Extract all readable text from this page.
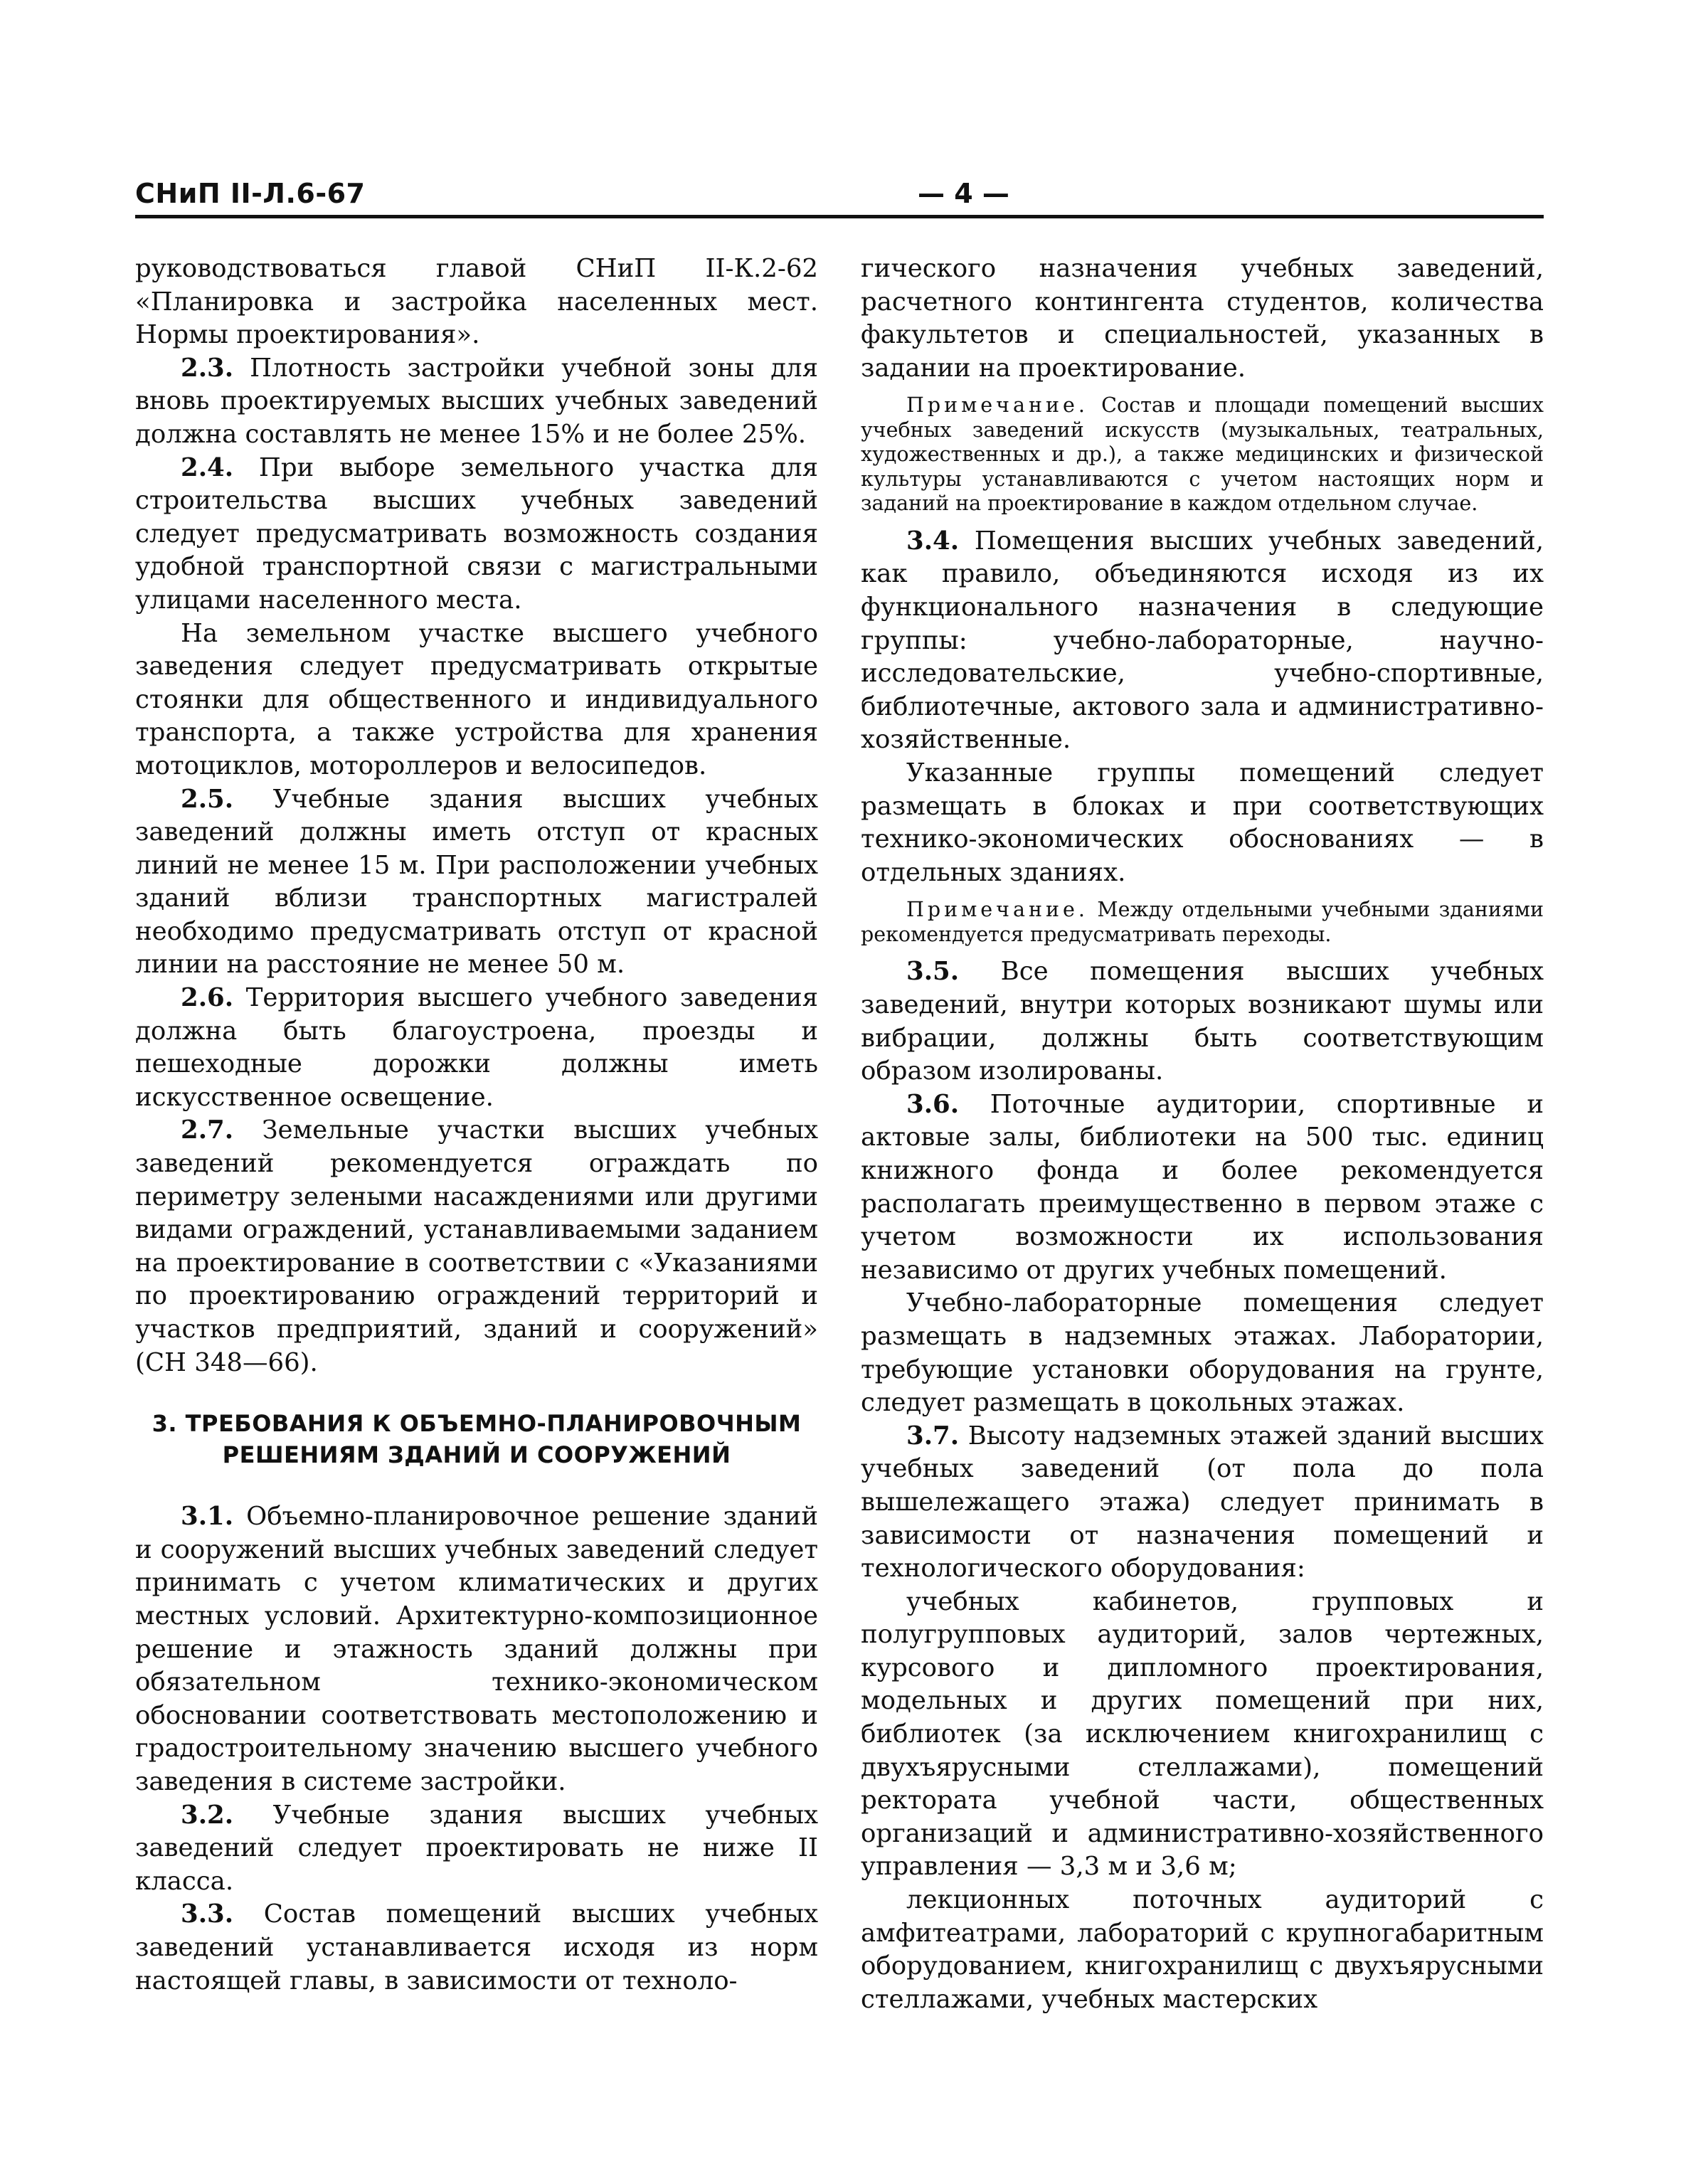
СНиП II-Л.6-67	— 4 —

руководствоваться главой СНиП II-К.2-62 «Планировка и застройка населенных мест. Нормы проектирования».

2.3. Плотность застройки учебной зоны для вновь проектируемых высших учебных заведений должна составлять не менее 15% и не более 25%.

2.4. При выборе земельного участка для строительства высших учебных заведений следует предусматривать возможность создания удобной транспортной связи с магистральными улицами населенного места.

На земельном участке высшего учебного заведения следует предусматривать открытые стоянки для общественного и индивидуального транспорта, а также устройства для хранения мотоциклов, мотороллеров и велосипедов.

2.5. Учебные здания высших учебных заведений должны иметь отступ от красных линий не менее 15 м. При расположении учебных зданий вблизи транспортных магистралей необходимо предусматривать отступ от красной линии на расстояние не менее 50 м.

2.6. Территория высшего учебного заведения должна быть благоустроена, проезды и пешеходные дорожки должны иметь искусственное освещение.

2.7. Земельные участки высших учебных заведений рекомендуется ограждать по периметру зелеными насаждениями или другими видами ограждений, устанавливаемыми заданием на проектирование в соответствии с «Указаниями по проектированию ограждений территорий и участков предприятий, зданий и сооружений» (СН 348—66).

3. ТРЕБОВАНИЯ К ОБЪЕМНО-ПЛАНИРОВОЧНЫМ
РЕШЕНИЯМ ЗДАНИЙ И СООРУЖЕНИЙ

3.1. Объемно-планировочное решение зданий и сооружений высших учебных заведений следует принимать с учетом климатических и других местных условий. Архитектурно-композиционное решение и этажность зданий должны при обязательном технико-экономическом обосновании соответствовать местоположению и градостроительному значению высшего учебного заведения в системе застройки.

3.2. Учебные здания высших учебных заведений следует проектировать не ниже II класса.

3.3. Состав помещений высших учебных заведений устанавливается исходя из норм настоящей главы, в зависимости от технолo-

гического назначения учебных заведений, расчетного контингента студентов, количества факультетов и специальностей, указанных в задании на проектирование.

Примечание. Состав и площади помещений высших учебных заведений искусств (музыкальных, театральных, художественных и др.), а также медицинских и физической культуры устанавливаются с учетом настоящих норм и заданий на проектирование в каждом отдельном случае.

3.4. Помещения высших учебных заведений, как правило, объединяются исходя из их функционального назначения в следующие группы: учебно-лабораторные, научно-исследовательские, учебно-спортивные, библиотечные, актового зала и административно-хозяйственные.

Указанные группы помещений следует размещать в блоках и при соответствующих технико-экономических обоснованиях — в отдельных зданиях.

Примечание. Между отдельными учебными зданиями рекомендуется предусматривать переходы.

3.5. Все помещения высших учебных заведений, внутри которых возникают шумы или вибрации, должны быть соответствующим образом изолированы.

3.6. Поточные аудитории, спортивные и актовые залы, библиотеки на 500 тыс. единиц книжного фонда и более рекомендуется располагать преимущественно в первом этаже с учетом возможности их использования независимо от других учебных помещений.

Учебно-лабораторные помещения следует размещать в надземных этажах. Лаборатории, требующие установки оборудования на грунте, следует размещать в цокольных этажах.

3.7. Высоту надземных этажей зданий высших учебных заведений (от пола до пола вышележащего этажа) следует принимать в зависимости от назначения помещений и технологического оборудования:

учебных кабинетов, групповых и полугрупповых аудиторий, залов чертежных, курсового и дипломного проектирования, модельных и других помещений при них, библиотек (за исключением книгохранилищ с двухъярусными стеллажами), помещений ректората учебной части, общественных организаций и административно-хозяйственного управления — 3,3 м и 3,6 м;

лекционных поточных аудиторий с амфитеатрами, лабораторий с крупногабаритным оборудованием, книгохранилищ с двухъярусными стеллажами, учебных мастерских
